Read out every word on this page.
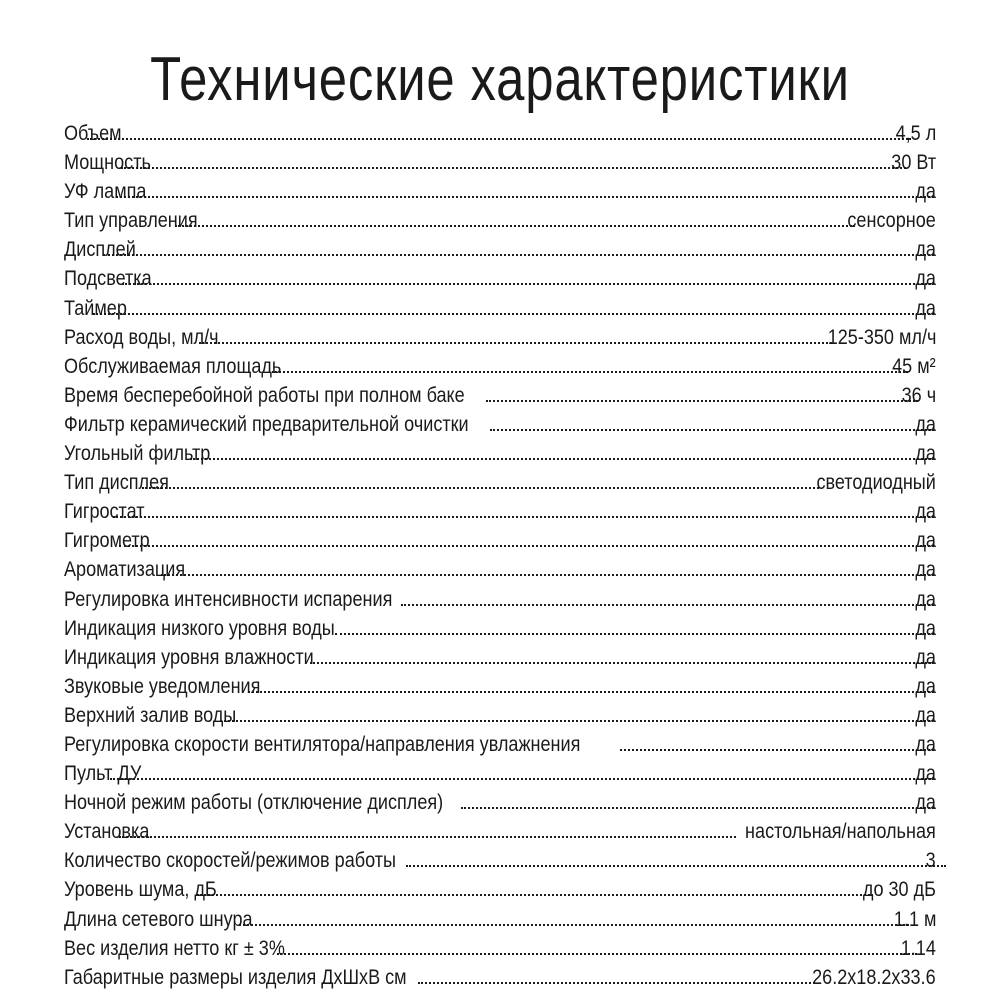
Технические характеристики
Объем	4,5 л
Мощность	30 Вт
УФ лампа	да
Тип управления	сенсорное
Дисплей	да
Подсветка	да
Таймер	да
Расход воды, мл/ч	125-350 мл/ч
Обслуживаемая площадь	45 м²
Время бесперебойной работы при полном баке	36 ч
Фильтр керамический предварительной очистки	да
Угольный фильтр	да
Тип дисплея	светодиодный
Гигростат	да
Гигрометр	да
Ароматизация	да
Регулировка интенсивности испарения	да
Индикация низкого уровня воды	да
Индикация уровня влажности	да
Звуковые уведомления	да
Верхний залив воды	да
Регулировка скорости вентилятора/направления увлажнения	да
Пульт ДУ	да
Ночной режим работы (отключение дисплея)	да
Установка	настольная/напольная
Количество скоростей/режимов работы	3
Уровень шума, дБ	до 30 дБ
Длина сетевого шнура	1.1 м
Вес изделия нетто кг ± 3%	1.14
Габаритные размеры изделия ДхШхВ см	26.2x18.2x33.6
